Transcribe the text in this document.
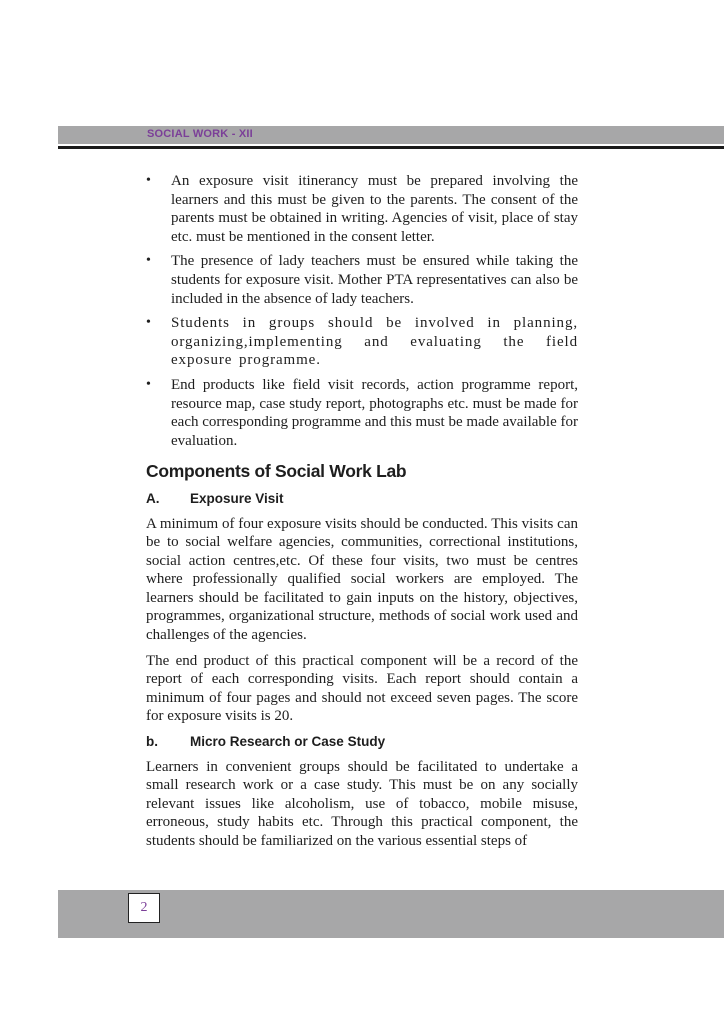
SOCIAL WORK - XII
• An exposure visit itinerancy must be prepared involving the learners and this must be given to the parents. The consent of the parents must be obtained in writing. Agencies of visit, place of stay etc. must be mentioned in the consent letter.
• The presence of lady teachers must be ensured while taking the students for exposure visit. Mother PTA representatives can also be included in the absence of lady teachers.
• Students in groups should be involved in planning, organizing,implementing and evaluating the field exposure programme.
• End products like field visit records, action programme report, resource map, case study report, photographs etc. must be made for each corresponding programme and this must be made available for evaluation.
Components of Social Work Lab
A.	Exposure Visit

A minimum of four exposure visits should be conducted. This visits can be to social welfare agencies, communities, correctional institutions, social action centres,etc. Of these four visits, two must be centres where professionally qualified social workers are employed. The learners should be facilitated to gain inputs on the history, objectives, programmes, organizational structure, methods of social work used and challenges of the agencies.

The end product of this practical component will be a record of the report of each corresponding visits. Each report should contain a minimum of four pages and should not exceed seven pages. The score for exposure visits is 20.

b.	Micro Research or Case Study

Learners in convenient groups should be facilitated to undertake a small research work or a case study. This must be on any socially relevant issues like alcoholism, use of tobacco, mobile misuse, erroneous, study habits etc. Through this practical component, the students should be familiarized on the various essential steps of

2
